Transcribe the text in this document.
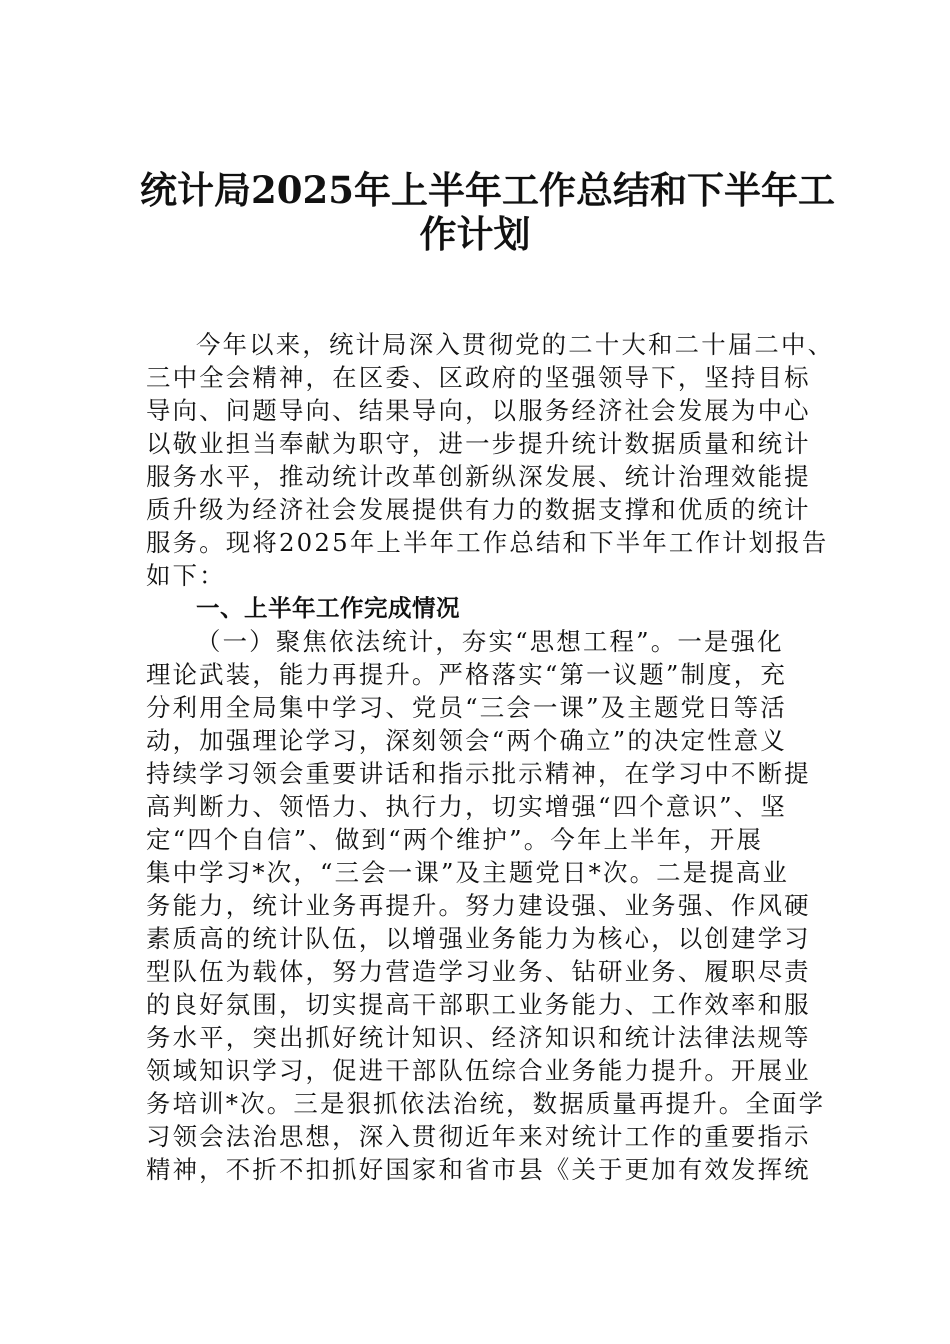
统计局2025年上半年工作总结和下半年工
作计划
今年以来，统计局深入贯彻党的二十大和二十届二中、
三中全会精神，在区委、区政府的坚强领导下，坚持目标
导向、问题导向、结果导向，以服务经济社会发展为中心
以敬业担当奉献为职守，进一步提升统计数据质量和统计
服务水平，推动统计改革创新纵深发展、统计治理效能提
质升级为经济社会发展提供有力的数据支撑和优质的统计
服务。现将2025年上半年工作总结和下半年工作计划报告
如下：
一、上半年工作完成情况
（一）聚焦依法统计，夯实“思想工程”。一是强化
理论武装，能力再提升。严格落实“第一议题”制度，充
分利用全局集中学习、党员“三会一课”及主题党日等活
动，加强理论学习，深刻领会“两个确立”的决定性意义
持续学习领会重要讲话和指示批示精神，在学习中不断提
高判断力、领悟力、执行力，切实增强“四个意识”、坚
定“四个自信”、做到“两个维护”。今年上半年，开展
集中学习*次，“三会一课”及主题党日*次。二是提高业
务能力，统计业务再提升。努力建设强、业务强、作风硬
素质高的统计队伍，以增强业务能力为核心，以创建学习
型队伍为载体，努力营造学习业务、钻研业务、履职尽责
的良好氛围，切实提高干部职工业务能力、工作效率和服
务水平，突出抓好统计知识、经济知识和统计法律法规等
领域知识学习，促进干部队伍综合业务能力提升。开展业
务培训*次。三是狠抓依法治统，数据质量再提升。全面学
习领会法治思想，深入贯彻近年来对统计工作的重要指示
精神，不折不扣抓好国家和省市县《关于更加有效发挥统
